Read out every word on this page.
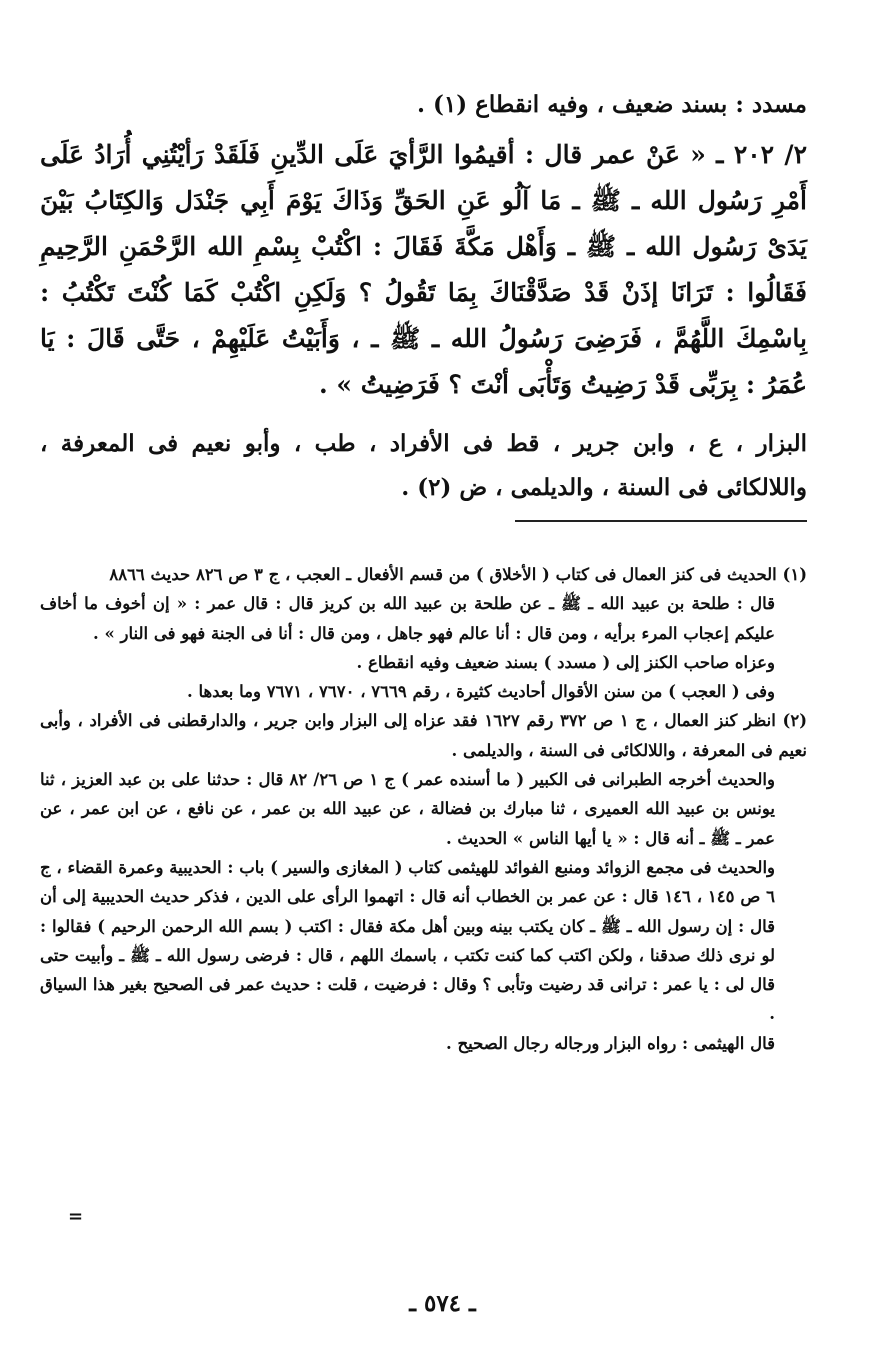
مسدد : بسند ضعيف ، وفيه انقطاع (١) .

٢/ ٢٠٢ ـ « عَنْ عمر قال : أقيمُوا الرَّأيَ عَلَى الدِّينِ فَلَقَدْ رَأيْتُنِي أُرَادُ عَلَى أَمْرِ رَسُول الله ـ ﷺ ـ مَا آلُو عَنِ الحَقِّ وَذَاكَ يَوْمَ أَبِي جَنْدَل وَالكِتَابُ بَيْنَ يَدَىْ رَسُول الله ـ ﷺ ـ وَأَهْل مَكَّةَ فَقَالَ : اكْتُبْ بِسْمِ الله الرَّحْمَنِ الرَّحِيمِ فَقَالُوا : تَرَانَا إذَنْ قَدْ صَدَّقْنَاكَ بِمَا تَقُولُ ؟ وَلَكِنِ اكْتُبْ كَمَا كُنْتَ تَكْتُبُ : بِاسْمِكَ اللَّهُمَّ ، فَرَضِىَ رَسُولُ الله ـ ﷺ ـ ، وَأَبَيْتُ عَلَيْهِمْ ، حَتَّى قَالَ : يَا عُمَرُ : بِرَبِّى قَدْ رَضِيتُ وَتَأْبَى أنْتَ ؟ فَرَضِيتُ » .

البزار ، ع ، وابن جرير ، قط فى الأفراد ، طب ، وأبو نعيم فى المعرفة ، واللالكائى فى السنة ، والديلمى ، ض (٢) .

(١) الحديث فى كنز العمال فى كتاب ( الأخلاق ) من قسم الأفعال ـ العجب ، ج ٣ ص ٨٢٦ حديث ٨٨٦٦

قال : طلحة بن عبيد الله ـ ﷺ ـ عن طلحة بن عبيد الله بن كريز قال : قال عمر : « إن أخوف ما أخاف عليكم إعجاب المرء برأيه ، ومن قال : أنا عالم فهو جاهل ، ومن قال : أنا فى الجنة فهو فى النار » .

وعزاه صاحب الكنز إلى ( مسدد ) بسند ضعيف وفيه انقطاع .

وفى ( العجب ) من سنن الأقوال أحاديث كثيرة ، رقم ٧٦٦٩ ، ٧٦٧٠ ، ٧٦٧١ وما بعدها .

(٢) انظر كنز العمال ، ج ١ ص ٣٧٢ رقم ١٦٢٧ فقد عزاه إلى البزار وابن جرير ، والدارقطنى فى الأفراد ، وأبى نعيم فى المعرفة ، واللالكائى فى السنة ، والديلمى .

والحديث أخرجه الطبرانى فى الكبير ( ما أسنده عمر ) ج ١ ص ٢٦/ ٨٢ قال : حدثنا على بن عبد العزيز ، ثنا يونس بن عبيد الله العميرى ، ثنا مبارك بن فضالة ، عن عبيد الله بن عمر ، عن نافع ، عن ابن عمر ، عن عمر ـ ﷺ ـ أنه قال : « يا أيها الناس » الحديث .

والحديث فى مجمع الزوائد ومنبع الفوائد للهيثمى كتاب ( المغازى والسير ) باب : الحديبية وعمرة القضاء ، ج ٦ ص ١٤٥ ، ١٤٦ قال : عن عمر بن الخطاب أنه قال : اتهموا الرأى على الدين ، فذكر حديث الحديبية إلى أن قال : إن رسول الله ـ ﷺ ـ كان يكتب بينه وبين أهل مكة فقال : اكتب ( بسم الله الرحمن الرحيم ) فقالوا : لو نرى ذلك صدقنا ، ولكن اكتب كما كنت تكتب ، باسمك اللهم ، قال : فرضى رسول الله ـ ﷺ ـ وأبيت حتى قال لى : يا عمر : ترانى قد رضيت وتأبى ؟ وقال : فرضيت ، قلت : حديث عمر فى الصحيح بغير هذا السياق .

قال الهيثمى : رواه البزار ورجاله رجال الصحيح .

=
ـ ٥٧٤ ـ
